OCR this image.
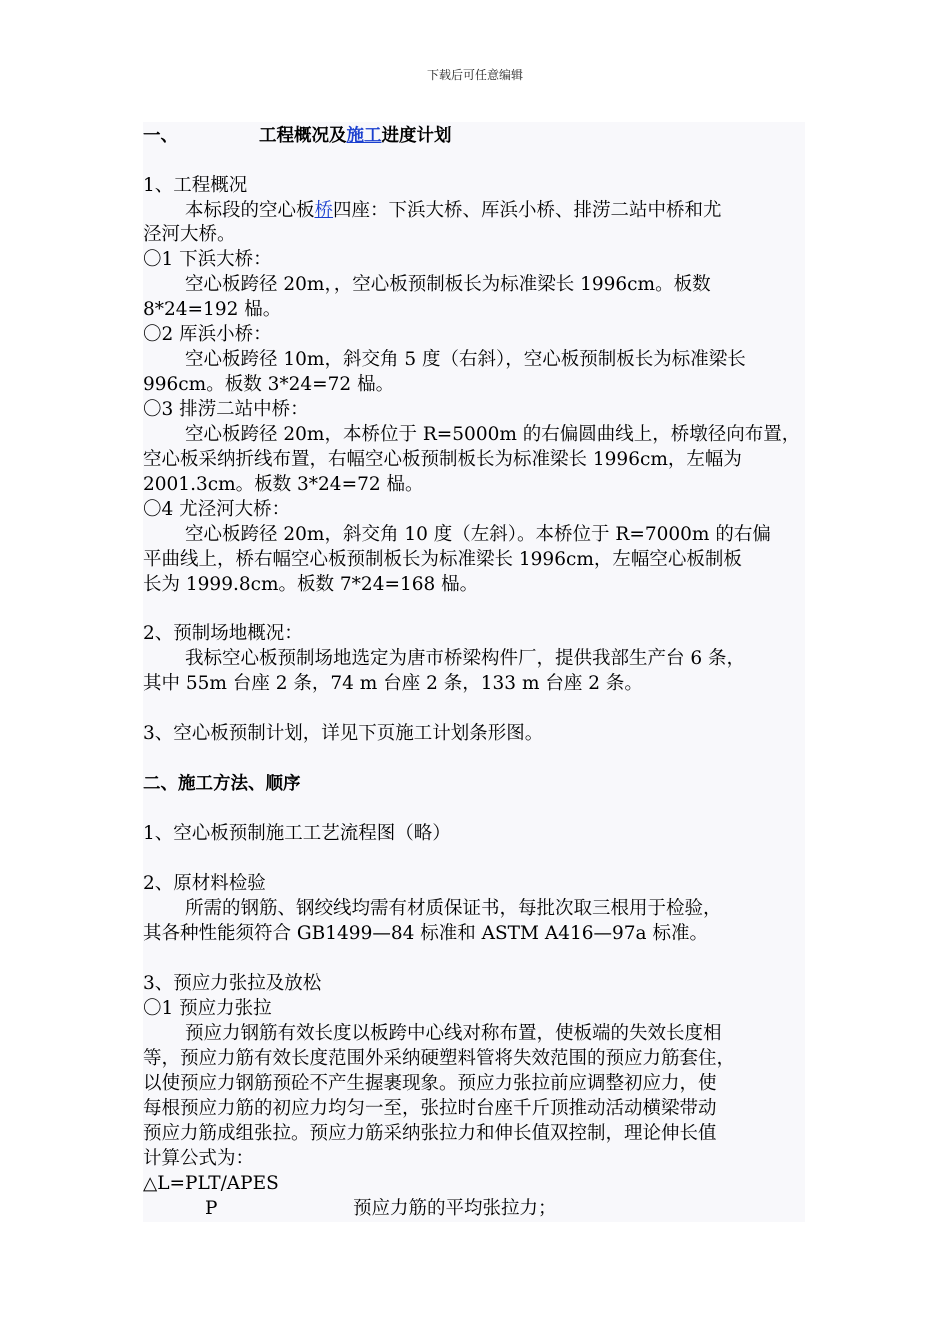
下载后可任意编辑
一、	工程概况及施工进度计划
1、工程概况
本标段的空心板桥四座：下浜大桥、厍浜小桥、排涝二站中桥和尤
泾河大桥。
〇1 下浜大桥：
空心板跨径 20m，，空心板预制板长为标准梁长 1996cm。板数
8*24=192 榀。
〇2 厍浜小桥：
空心板跨径 10m，斜交角 5 度（右斜），空心板预制板长为标准梁长
996cm。板数 3*24=72 榀。
〇3 排涝二站中桥：
空心板跨径 20m，本桥位于 R=5000m 的右偏圆曲线上，桥墩径向布置，
空心板采纳折线布置，右幅空心板预制板长为标准梁长 1996cm，左幅为
2001.3cm。板数 3*24=72 榀。
〇4 尤泾河大桥：
空心板跨径 20m，斜交角 10 度（左斜）。本桥位于 R=7000m 的右偏
平曲线上，桥右幅空心板预制板长为标准梁长 1996cm，左幅空心板制板
长为 1999.8cm。板数 7*24=168 榀。
2、预制场地概况：
我标空心板预制场地选定为唐市桥梁构件厂，提供我部生产台 6 条，
其中 55m 台座 2 条，74 m 台座 2 条，133 m 台座 2 条。
3、空心板预制计划，详见下页施工计划条形图。
二、施工方法、顺序
1、空心板预制施工工艺流程图（略）
2、原材料检验
所需的钢筋、钢绞线均需有材质保证书，每批次取三根用于检验，
其各种性能须符合 GB1499—84 标准和 ASTM A416—97a 标准。
3、预应力张拉及放松
〇1 预应力张拉
预应力钢筋有效长度以板跨中心线对称布置，使板端的失效长度相
等，预应力筋有效长度范围外采纳硬塑料管将失效范围的预应力筋套住，
以使预应力钢筋预砼不产生握裹现象。预应力张拉前应调整初应力，使
每根预应力筋的初应力均匀一至，张拉时台座千斤顶推动活动横梁带动
预应力筋成组张拉。预应力筋采纳张拉力和伸长值双控制，理论伸长值
计算公式为：
△L=PLT/APES
P	预应力筋的平均张拉力；
